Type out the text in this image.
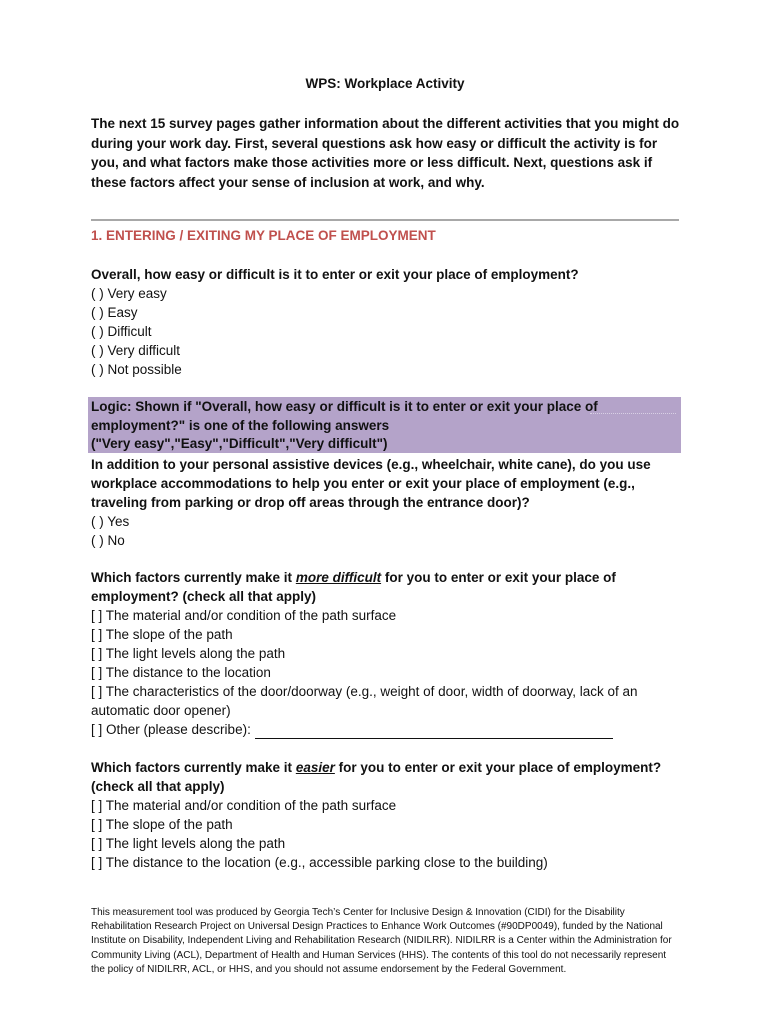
WPS: Workplace Activity
The next 15 survey pages gather information about the different activities that you might do during your work day. First, several questions ask how easy or difficult the activity is for you, and what factors make those activities more or less difficult. Next, questions ask if these factors affect your sense of inclusion at work, and why.
1. ENTERING / EXITING MY PLACE OF EMPLOYMENT
Overall, how easy or difficult is it to enter or exit your place of employment?
( ) Very easy
( ) Easy
( ) Difficult
( ) Very difficult
( ) Not possible
Logic: Shown if "Overall, how easy or difficult is it to enter or exit your place of
employment?" is one of the following answers
("Very easy","Easy","Difficult","Very difficult")
In addition to your personal assistive devices (e.g., wheelchair, white cane), do you use workplace accommodations to help you enter or exit your place of employment (e.g., traveling from parking or drop off areas through the entrance door)?
( ) Yes
( ) No
Which factors currently make it more difficult for you to enter or exit your place of employment? (check all that apply)
[ ] The material and/or condition of the path surface
[ ] The slope of the path
[ ] The light levels along the path
[ ] The distance to the location
[ ] The characteristics of the door/doorway (e.g., weight of door, width of doorway, lack of an automatic door opener)
[ ] Other (please describe):
Which factors currently make it easier for you to enter or exit your place of employment? (check all that apply)
[ ] The material and/or condition of the path surface
[ ] The slope of the path
[ ] The light levels along the path
[ ] The distance to the location (e.g., accessible parking close to the building)
This measurement tool was produced by Georgia Tech’s Center for Inclusive Design & Innovation (CIDI) for the Disability Rehabilitation Research Project on Universal Design Practices to Enhance Work Outcomes (#90DP0049), funded by the National Institute on Disability, Independent Living and Rehabilitation Research (NIDILRR). NIDILRR is a Center within the Administration for Community Living (ACL), Department of Health and Human Services (HHS). The contents of this tool do not necessarily represent the policy of NIDILRR, ACL, or HHS, and you should not assume endorsement by the Federal Government.
